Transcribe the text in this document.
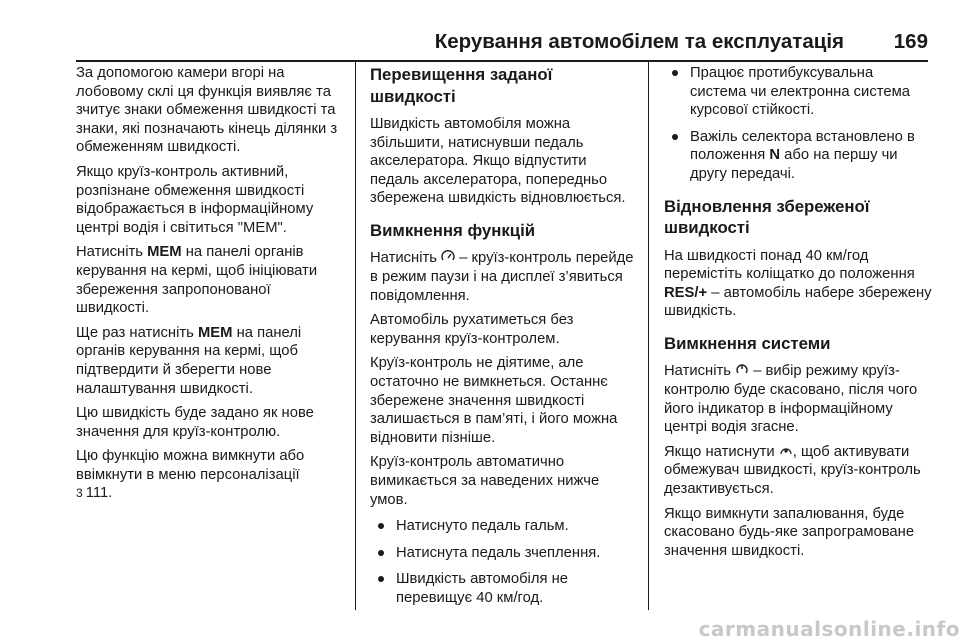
Керування автомобілем та експлуатація 169

За допомогою камери вгорі на лобовому склі ця функція виявляє та зчитує знаки обмеження швидкості та знаки, які позначають кінець ділянки з обмеженням швидкості.

Якщо круїз-контроль активний, розпізнане обмеження швидкості відображається в інформаційному центрі водія і світиться "MEM".

Натисніть MEM на панелі органів керування на кермі, щоб ініціювати збереження запропонованої швидкості.

Ще раз натисніть MEM на панелі органів керування на кермі, щоб підтвердити й зберегти нове налаштування швидкості.

Цю швидкість буде задано як нове значення для круїз-контролю.

Цю функцію можна вимкнути або ввімкнути в меню персоналізації
3 111.

Перевищення заданої швидкості

Швидкість автомобіля можна збільшити, натиснувши педаль акселератора. Якщо відпустити педаль акселератора, попередньо збережена швидкість відновлюється.

Вимкнення функцій

Натисніть  – круїз-контроль перейде в режим паузи і на дисплеї з’явиться повідомлення.

Автомобіль рухатиметься без керування круїз-контролем.

Круїз-контроль не діятиме, але остаточно не вимкнеться. Останнє збережене значення швидкості залишається в пам’яті, і його можна відновити пізніше.

Круїз-контроль автоматично вимикається за наведених нижче умов.

Натиснуто педаль гальм.
Натиснута педаль зчеплення.
Швидкість автомобіля не перевищує 40 км/год.
Працює протибуксувальна система чи електронна система курсової стійкості.
Важіль селектора встановлено в положення N або на першу чи другу передачі.
Відновлення збереженої швидкості

На швидкості понад 40 км/год перемістіть коліщатко до положення RES/+ – автомобіль набере збережену швидкість.

Вимкнення системи

Натисніть  – вибір режиму круїз-контролю буде скасовано, після чого його індикатор в інформаційному центрі водія згасне.

Якщо натиснути , щоб активувати обмежувач швидкості, круїз-контроль дезактивується.

Якщо вимкнути запалювання, буде скасовано будь-яке запрограмоване значення швидкості.

carmanualsonline.info
